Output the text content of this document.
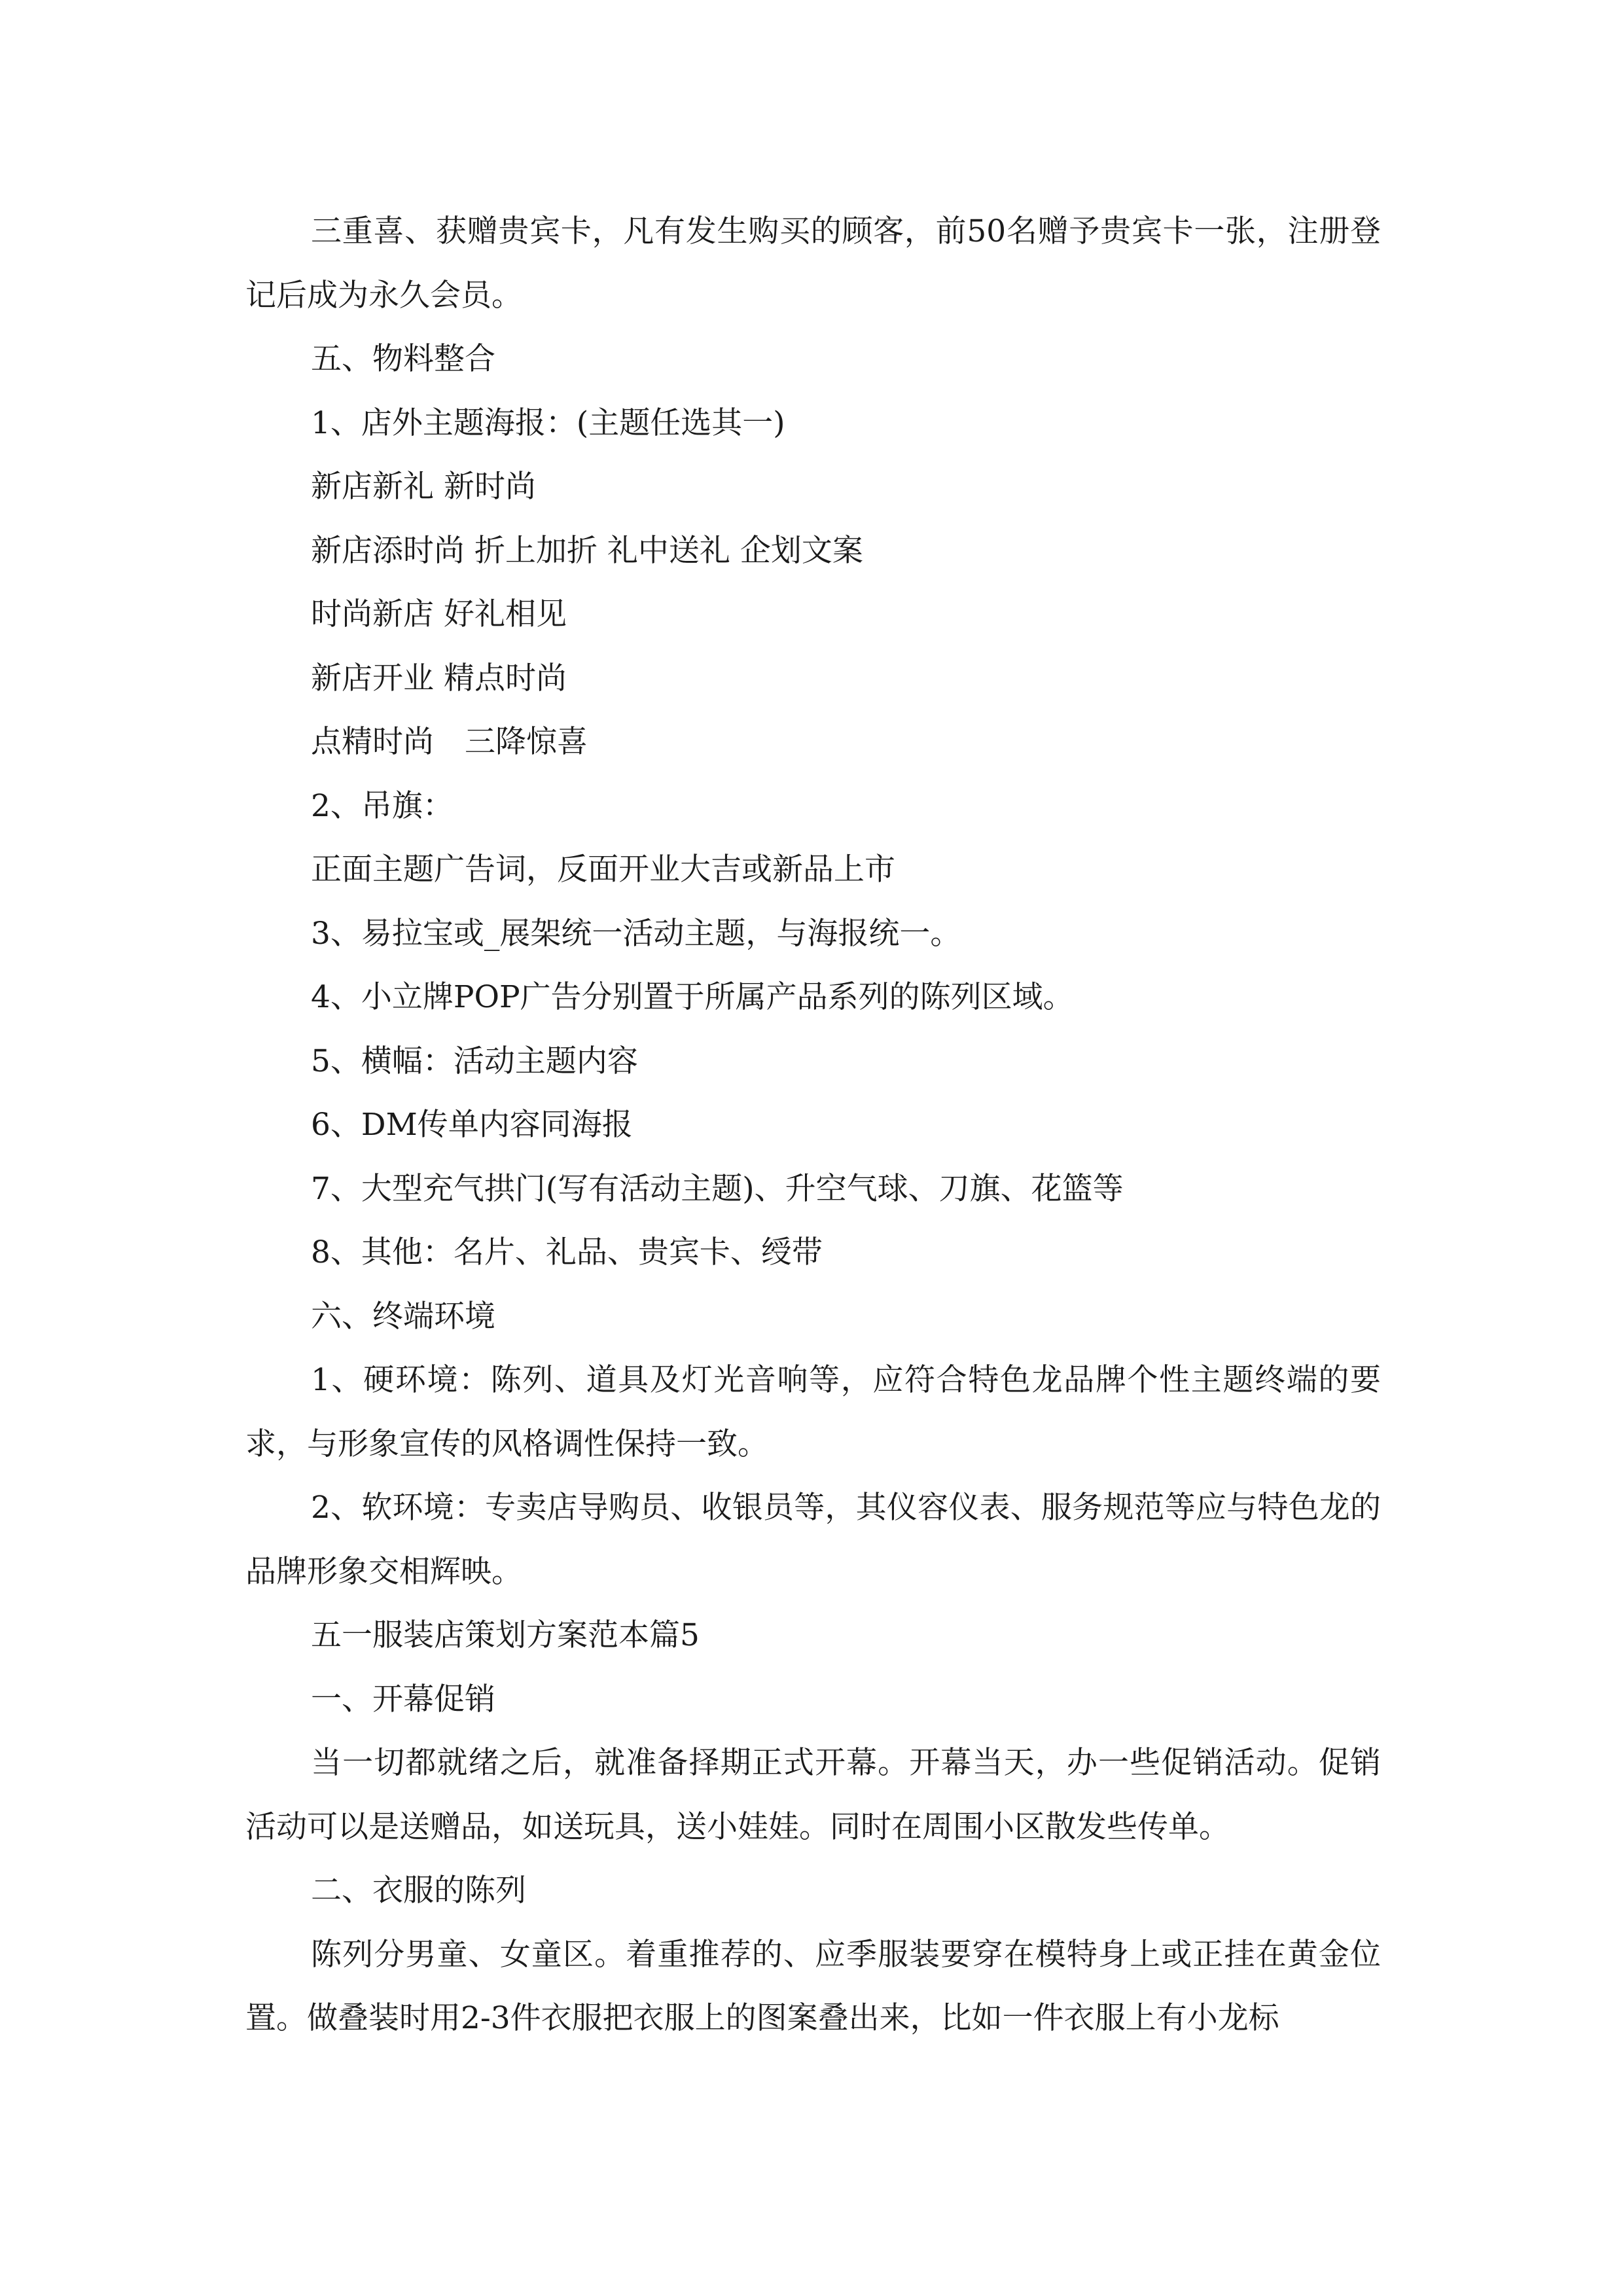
三重喜、获赠贵宾卡，凡有发生购买的顾客，前50名赠予贵宾卡一张，注册登记后成为永久会员。

五、物料整合

1、店外主题海报：(主题任选其一)

新店新礼 新时尚

新店添时尚 折上加折 礼中送礼 企划文案

时尚新店 好礼相见

新店开业 精点时尚

点精时尚　三降惊喜

2、吊旗：

正面主题广告词，反面开业大吉或新品上市

3、易拉宝或_展架统一活动主题，与海报统一。

4、小立牌POP广告分别置于所属产品系列的陈列区域。

5、横幅：活动主题内容

6、DM传单内容同海报

7、大型充气拱门(写有活动主题)、升空气球、刀旗、花篮等

8、其他：名片、礼品、贵宾卡、绶带

六、终端环境

1、硬环境：陈列、道具及灯光音响等，应符合特色龙品牌个性主题终端的要求，与形象宣传的风格调性保持一致。

2、软环境：专卖店导购员、收银员等，其仪容仪表、服务规范等应与特色龙的品牌形象交相辉映。

五一服装店策划方案范本篇5

一、开幕促销

当一切都就绪之后，就准备择期正式开幕。开幕当天，办一些促销活动。促销活动可以是送赠品，如送玩具，送小娃娃。同时在周围小区散发些传单。

二、衣服的陈列

陈列分男童、女童区。着重推荐的、应季服装要穿在模特身上或正挂在黄金位置。做叠装时用2-3件衣服把衣服上的图案叠出来，比如一件衣服上有小龙标
